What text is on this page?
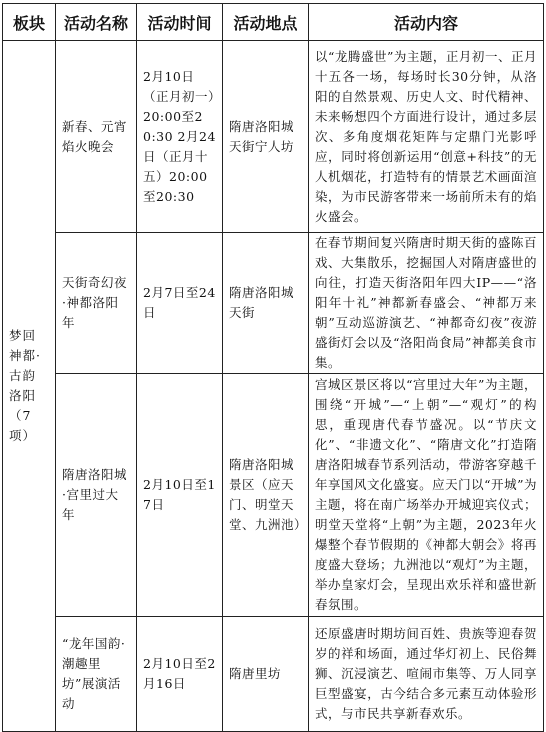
板块	活动名称	活动时间	活动地点	活动内容
梦回神都·古韵洛阳（7项）	新春、元宵焰火晚会	2月10日（正月初一）20:00至20:30 2月24日（正月十五）20:00至20:30	隋唐洛阳城天街宁人坊	以“龙腾盛世”为主题，正月初一、正月十五各一场，每场时长30分钟，从洛阳的自然景观、历史人文、时代精神、未来畅想四个方面进行设计，通过多层次、多角度烟花矩阵与定鼎门光影呼应，同时将创新运用“创意+科技”的无人机烟花，打造特有的情景艺术画面渲染，为市民游客带来一场前所未有的焰火盛会。
	天街奇幻夜·神都洛阳年	2月7日至24日	隋唐洛阳城天街	在春节期间复兴隋唐时期天街的盛陈百戏、大集散乐，挖掘国人对隋唐盛世的向往，打造天街洛阳年四大IP——“洛阳年十礼”神都新春盛会、“神都万来朝”互动巡游演艺、“神都奇幻夜”夜游盛街灯会以及“洛阳尚食局”神都美食市集。
	隋唐洛阳城·宫里过大年	2月10日至17日	隋唐洛阳城景区（应天门、明堂天堂、九洲池）	宫城区景区将以“宫里过大年”为主题，围绕“开城”—“上朝”—“观灯”的构思，重现唐代春节盛况。以“节庆文化”、“非遗文化”、“隋唐文化”打造隋唐洛阳城春节系列活动，带游客穿越千年享国风文化盛宴。应天门以“开城”为主题，将在南广场举办开城迎宾仪式；明堂天堂将“上朝”为主题，2023年火爆整个春节假期的《神都大朝会》将再度盛大登场；九洲池以“观灯”为主题，举办皇家灯会，呈现出欢乐祥和盛世新春氛围。
	“龙年国韵·潮趣里坊”展演活动	2月10日至2月16日	隋唐里坊	还原盛唐时期坊间百姓、贵族等迎春贺岁的祥和场面，通过华灯初上、民俗舞狮、沉浸演艺、喧闹市集等、万人同享巨型盛宴，古今结合多元素互动体验形式，与市民共享新春欢乐。
